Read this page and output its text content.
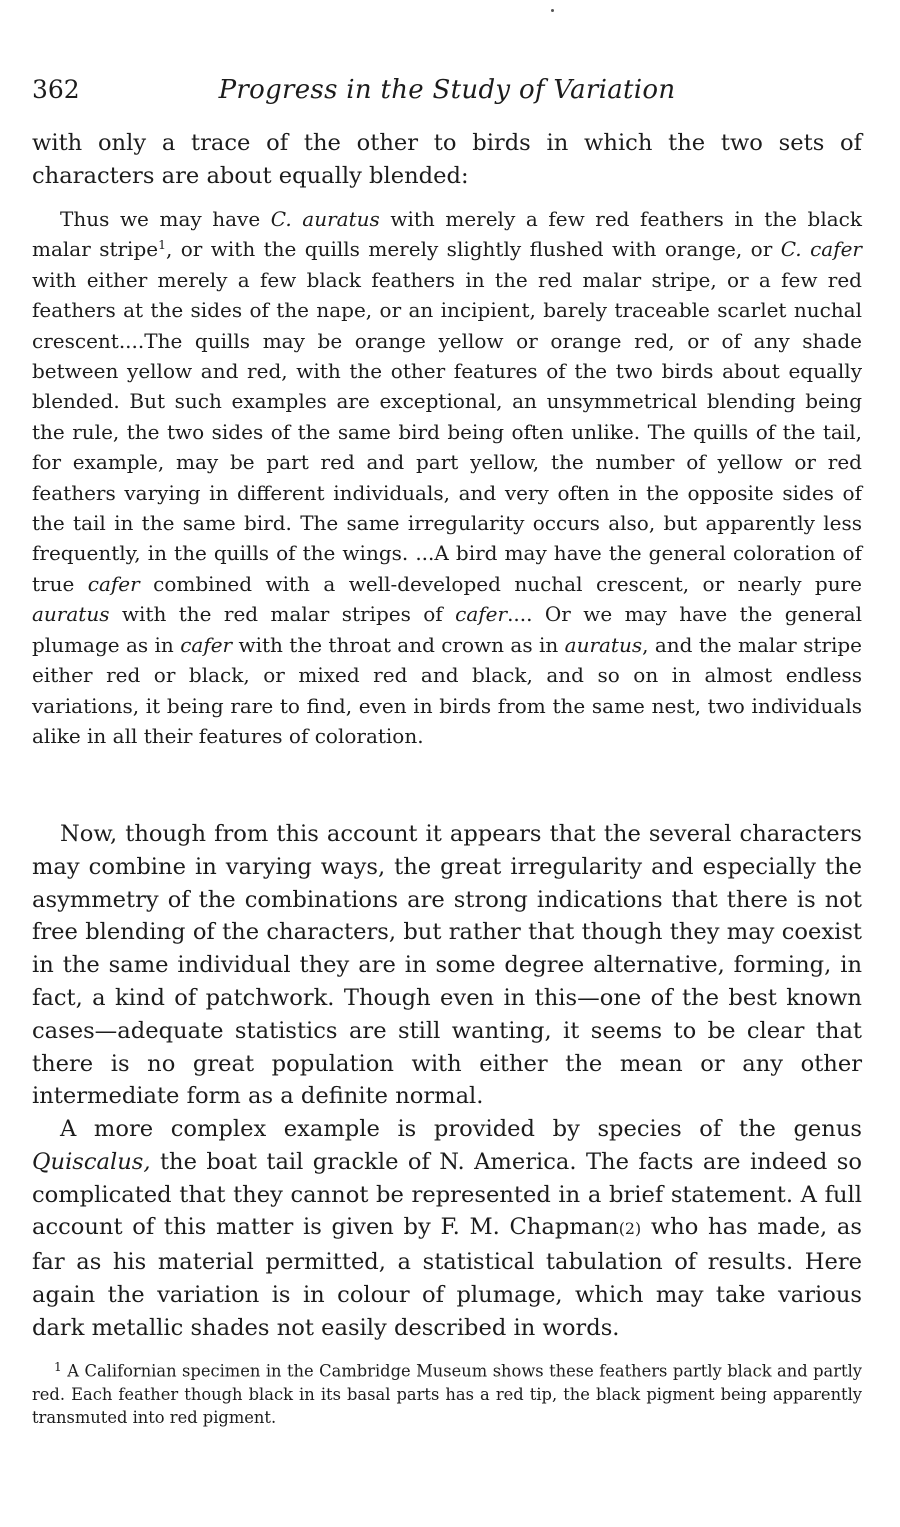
362	Progress in the Study of Variation

with only a trace of the other to birds in which the two sets of characters are about equally blended:

Thus we may have C. auratus with merely a few red feathers in the black malar stripe$^1$, or with the quills merely slightly flushed with orange, or C. cafer with either merely a few black feathers in the red malar stripe, or a few red feathers at the sides of the nape, or an incipient, barely traceable scarlet nuchal crescent....The quills may be orange yellow or orange red, or of any shade between yellow and red, with the other features of the two birds about equally blended. But such examples are exceptional, an unsymmetrical blending being the rule, the two sides of the same bird being often unlike. The quills of the tail, for example, may be part red and part yellow, the number of yellow or red feathers varying in different individuals, and very often in the opposite sides of the tail in the same bird. The same irregularity occurs also, but apparently less frequently, in the quills of the wings. ...A bird may have the general coloration of true cafer combined with a well-developed nuchal crescent, or nearly pure auratus with the red malar stripes of cafer.... Or we may have the general plumage as in cafer with the throat and crown as in auratus, and the malar stripe either red or black, or mixed red and black, and so on in almost endless variations, it being rare to find, even in birds from the same nest, two individuals alike in all their features of coloration.

Now, though from this account it appears that the several characters may combine in varying ways, the great irregularity and especially the asymmetry of the combinations are strong indications that there is not free blending of the characters, but rather that though they may coexist in the same individual they are in some degree alternative, forming, in fact, a kind of patchwork. Though even in this—one of the best known cases—adequate statistics are still wanting, it seems to be clear that there is no great population with either the mean or any other intermediate form as a definite normal.

A more complex example is provided by species of the genus Quiscalus, the boat tail grackle of N. America. The facts are indeed so complicated that they cannot be represented in a brief statement. A full account of this matter is given by F. M. Chapman(2) who has made, as far as his material permitted, a statistical tabulation of results. Here again the variation is in colour of plumage, which may take various dark metallic shades not easily described in words.

$^1$ A Californian specimen in the Cambridge Museum shows these feathers partly black and partly red. Each feather though black in its basal parts has a red tip, the black pigment being apparently transmuted into red pigment.
